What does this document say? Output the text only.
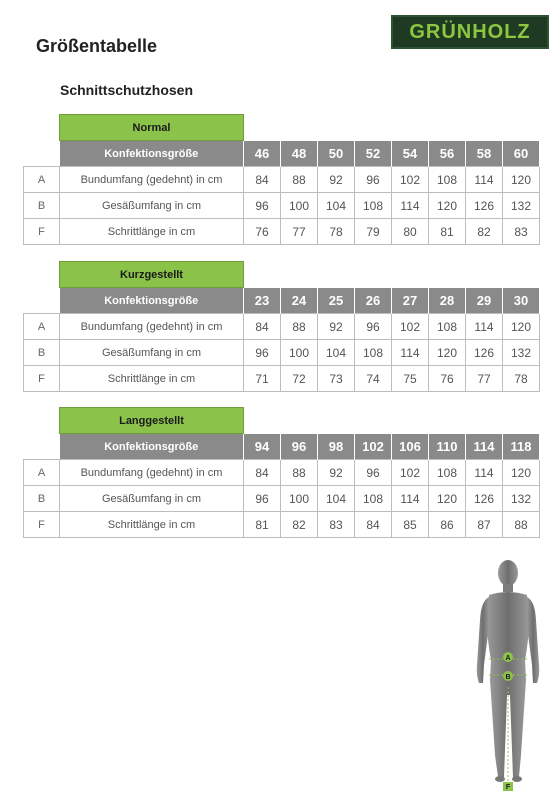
Größentabelle
GRÜNHOLZ
Schnittschutzhosen
	Normal								
	Konfektionsgröße	46	48	50	52	54	56	58	60
A	Bundumfang (gedehnt) in cm	84	88	92	96	102	108	114	120
B	Gesäßumfang in cm	96	100	104	108	114	120	126	132
F	Schrittlänge in cm	76	77	78	79	80	81	82	83
	Kurzgestellt								
	Konfektionsgröße	23	24	25	26	27	28	29	30
A	Bundumfang (gedehnt) in cm	84	88	92	96	102	108	114	120
B	Gesäßumfang in cm	96	100	104	108	114	120	126	132
F	Schrittlänge in cm	71	72	73	74	75	76	77	78
	Langgestellt								
	Konfektionsgröße	94	96	98	102	106	110	114	118
A	Bundumfang (gedehnt) in cm	84	88	92	96	102	108	114	120
B	Gesäßumfang in cm	96	100	104	108	114	120	126	132
F	Schrittlänge in cm	81	82	83	84	85	86	87	88
A
B
F
